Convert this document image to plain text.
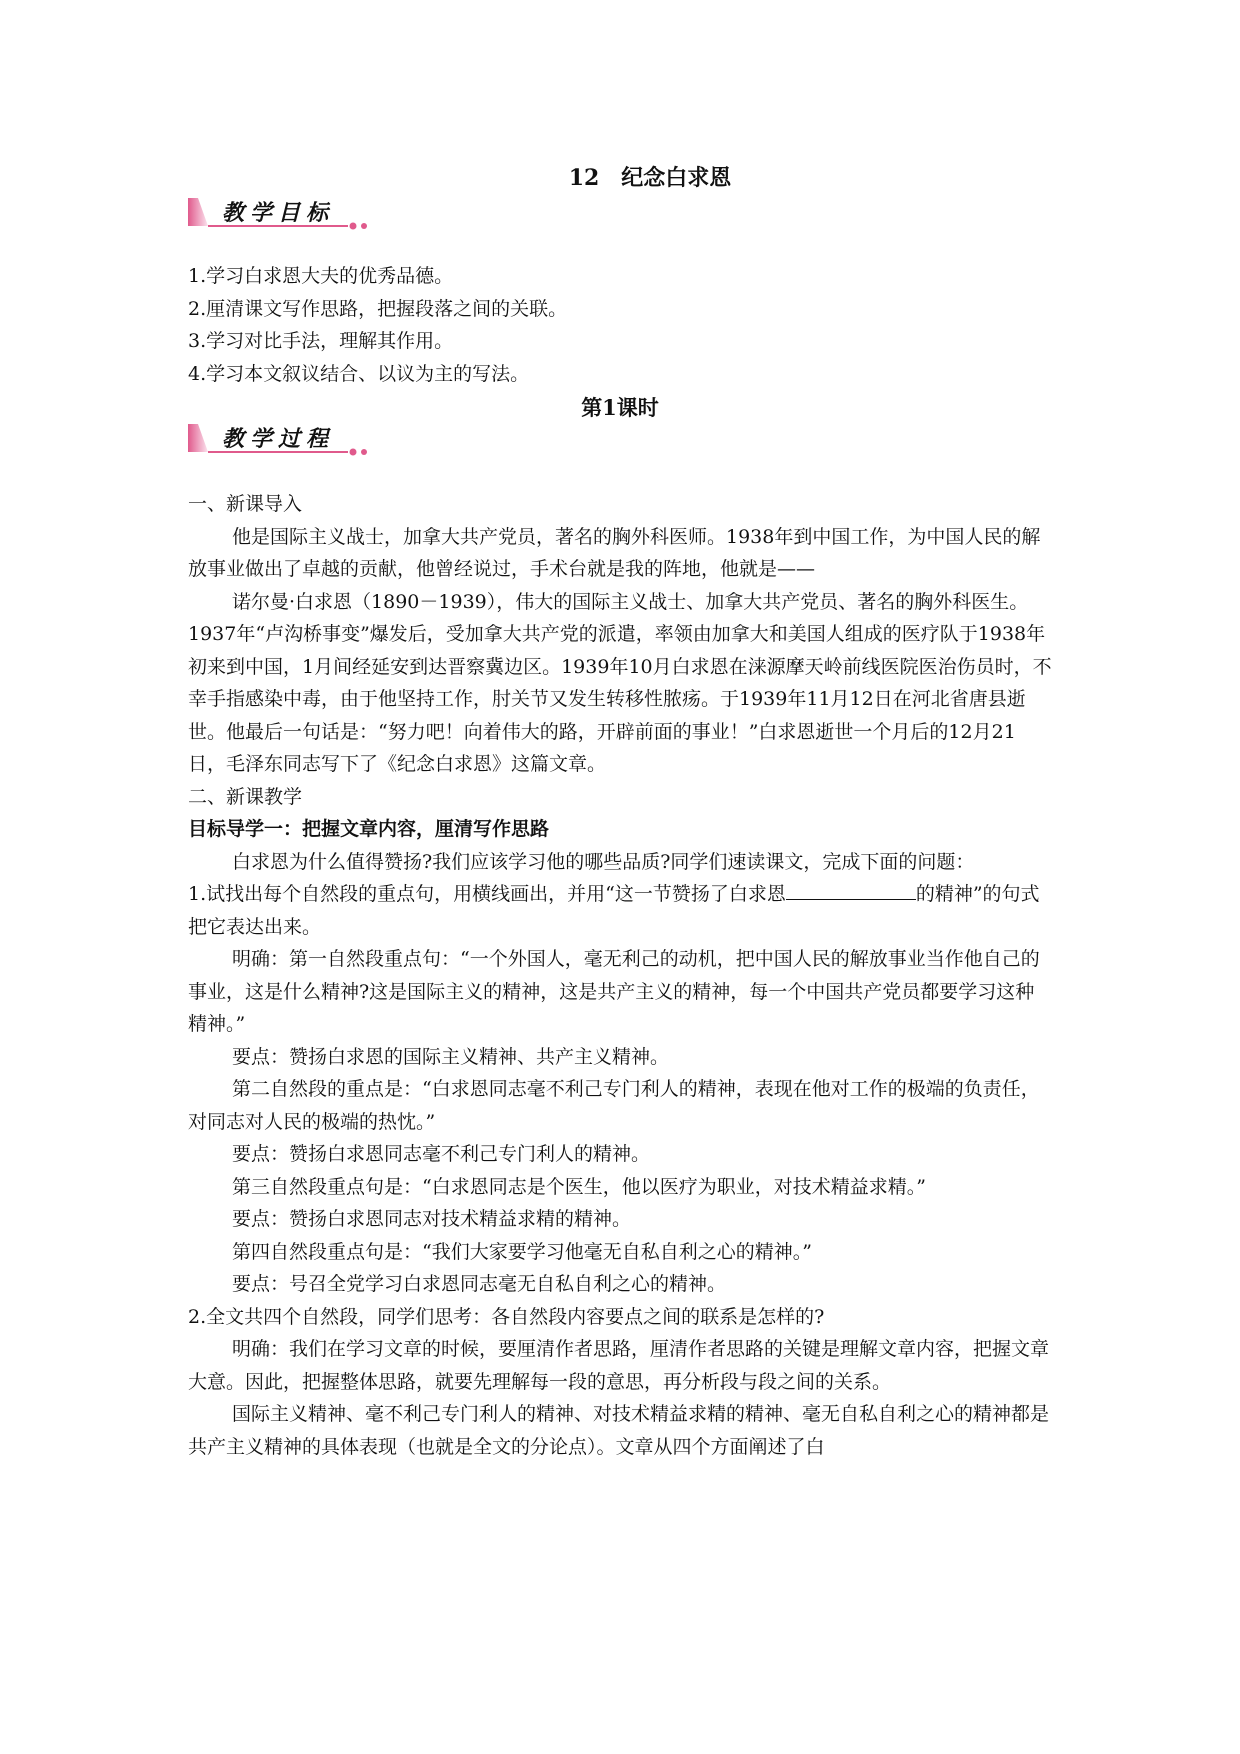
12　纪念白求恩
教学目标

1.学习白求恩大夫的优秀品德。

2.厘清课文写作思路，把握段落之间的关联。

3.学习对比手法，理解其作用。

4.学习本文叙议结合、以议为主的写法。

第1课时

教学过程

一、新课导入

他是国际主义战士，加拿大共产党员，著名的胸外科医师。1938年到中国工作，为中国人民的解放事业做出了卓越的贡献，他曾经说过，手术台就是我的阵地，他就是——

诺尔曼·白求恩（1890－1939），伟大的国际主义战士、加拿大共产党员、著名的胸外科医生。1937年“卢沟桥事变”爆发后，受加拿大共产党的派遣，率领由加拿大和美国人组成的医疗队于1938年初来到中国，1月间经延安到达晋察冀边区。1939年10月白求恩在涞源摩天岭前线医院医治伤员时，不幸手指感染中毒，由于他坚持工作，肘关节又发生转移性脓疡。于1939年11月12日在河北省唐县逝世。他最后一句话是：“努力吧！向着伟大的路，开辟前面的事业！”白求恩逝世一个月后的12月21日，毛泽东同志写下了《纪念白求恩》这篇文章。

二、新课教学

目标导学一：把握文章内容，厘清写作思路

白求恩为什么值得赞扬?我们应该学习他的哪些品质?同学们速读课文，完成下面的问题：

1.试找出每个自然段的重点句，用横线画出，并用“这一节赞扬了白求恩	的精神”的句式把它表达出来。

明确：第一自然段重点句：“一个外国人，毫无利己的动机，把中国人民的解放事业当作他自己的事业，这是什么精神?这是国际主义的精神，这是共产主义的精神，每一个中国共产党员都要学习这种精神。”

要点：赞扬白求恩的国际主义精神、共产主义精神。

第二自然段的重点是：“白求恩同志毫不利己专门利人的精神，表现在他对工作的极端的负责任，对同志对人民的极端的热忱。”

要点：赞扬白求恩同志毫不利己专门利人的精神。

第三自然段重点句是：“白求恩同志是个医生，他以医疗为职业，对技术精益求精。”

要点：赞扬白求恩同志对技术精益求精的精神。

第四自然段重点句是：“我们大家要学习他毫无自私自利之心的精神。”

要点：号召全党学习白求恩同志毫无自私自利之心的精神。

2.全文共四个自然段，同学们思考：各自然段内容要点之间的联系是怎样的?

明确：我们在学习文章的时候，要厘清作者思路，厘清作者思路的关键是理解文章内容，把握文章大意。因此，把握整体思路，就要先理解每一段的意思，再分析段与段之间的关系。

国际主义精神、毫不利己专门利人的精神、对技术精益求精的精神、毫无自私自利之心的精神都是共产主义精神的具体表现（也就是全文的分论点）。文章从四个方面阐述了白
